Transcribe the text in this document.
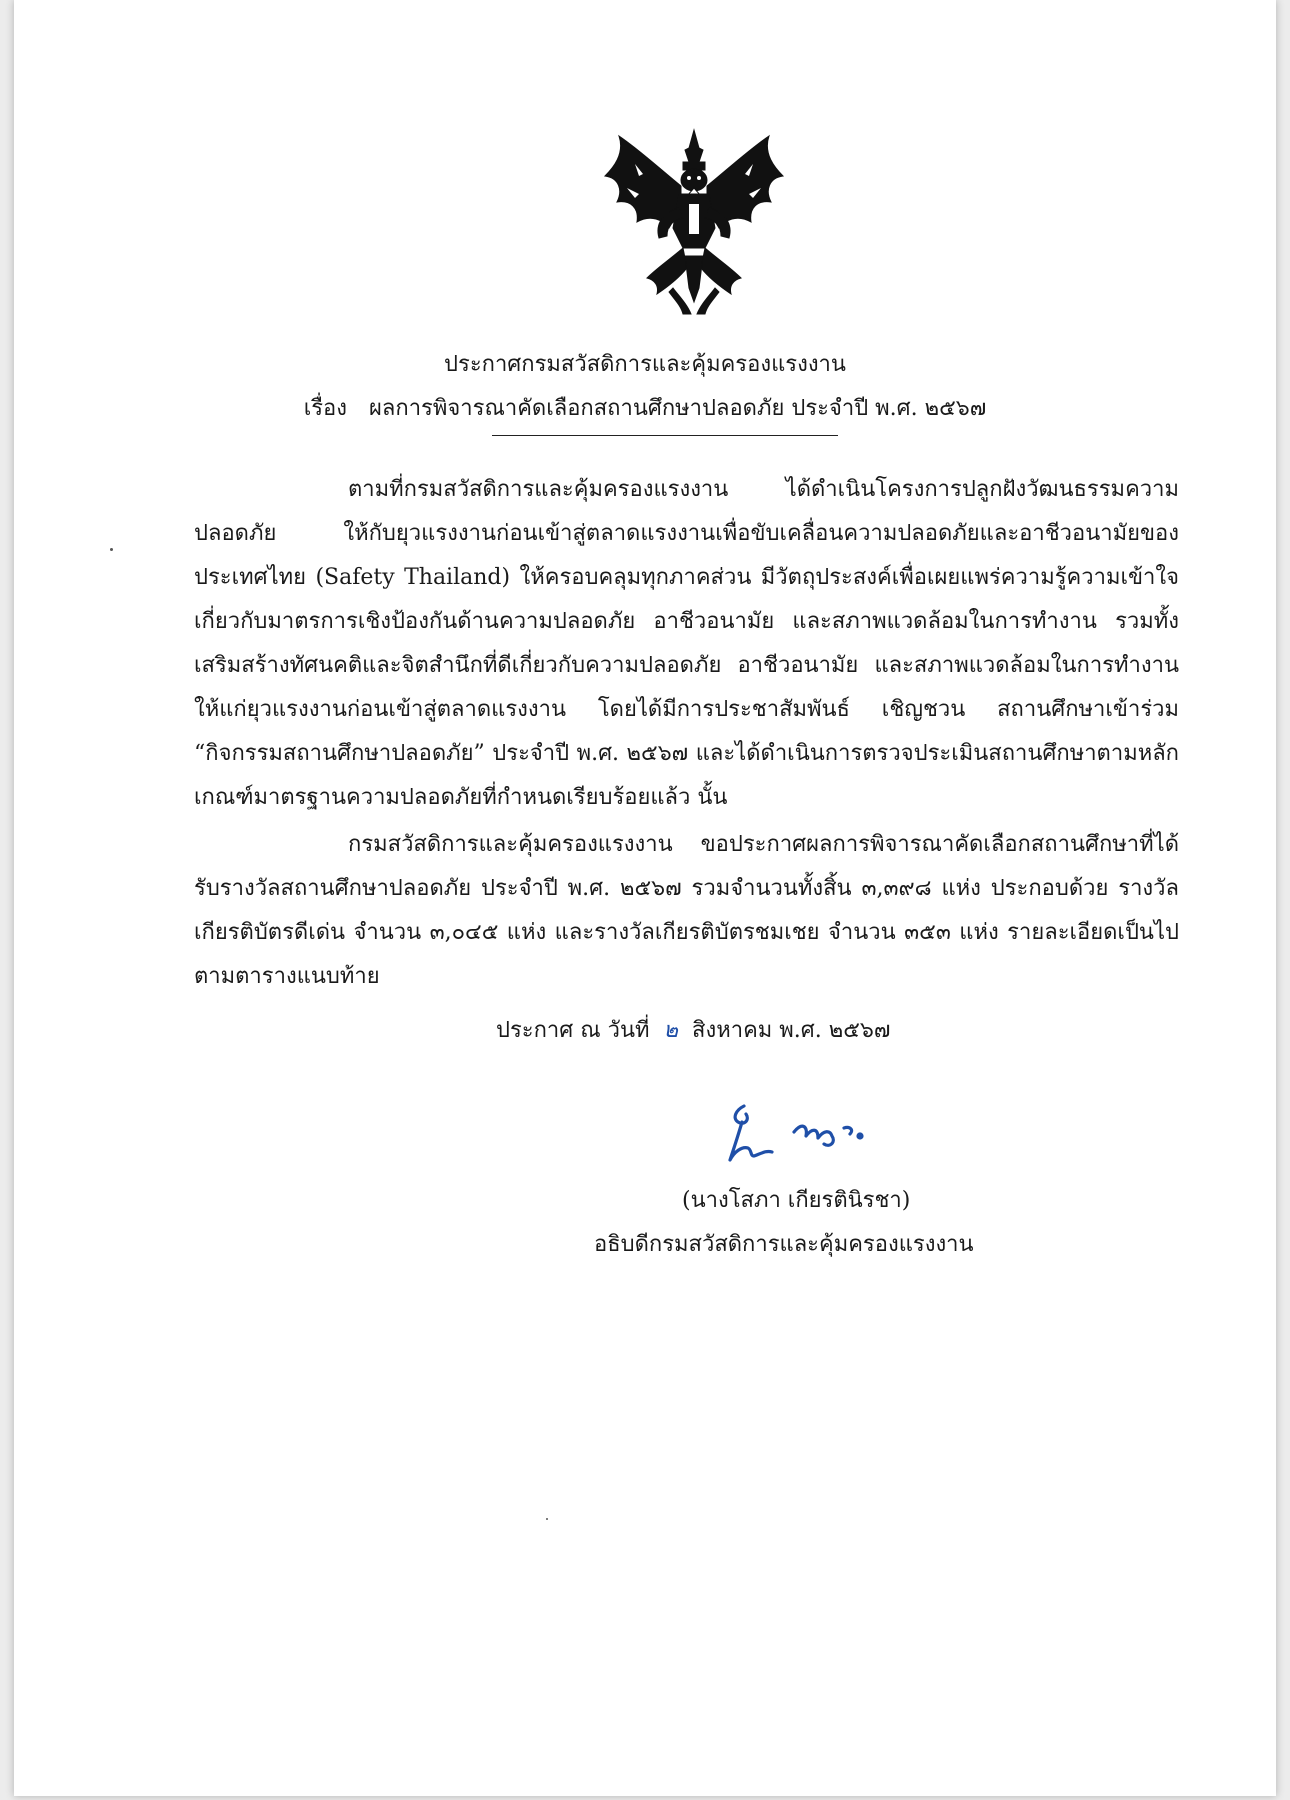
ประกาศกรมสวัสดิการและคุ้มครองแรงงาน
เรื่อง ผลการพิจารณาคัดเลือกสถานศึกษาปลอดภัย ประจำปี พ.ศ. ๒๕๖๗

ตามที่กรมสวัสดิการและคุ้มครองแรงงาน ได้ดำเนินโครงการปลูกฝังวัฒนธรรมความปลอดภัย ให้กับยุวแรงงานก่อนเข้าสู่ตลาดแรงงานเพื่อขับเคลื่อนความปลอดภัยและอาชีวอนามัยของประเทศไทย (Safety Thailand) ให้ครอบคลุมทุกภาคส่วน มีวัตถุประสงค์เพื่อเผยแพร่ความรู้ความเข้าใจเกี่ยวกับมาตรการเชิงป้องกันด้านความปลอดภัย อาชีวอนามัย และสภาพแวดล้อมในการทำงาน รวมทั้งเสริมสร้างทัศนคติและจิตสำนึกที่ดีเกี่ยวกับความปลอดภัย อาชีวอนามัย และสภาพแวดล้อมในการทำงาน ให้แก่ยุวแรงงานก่อนเข้าสู่ตลาดแรงงาน โดยได้มีการประชาสัมพันธ์ เชิญชวน สถานศึกษาเข้าร่วม “กิจกรรมสถานศึกษาปลอดภัย” ประจำปี พ.ศ. ๒๕๖๗ และได้ดำเนินการตรวจประเมินสถานศึกษาตามหลักเกณฑ์มาตรฐานความปลอดภัยที่กำหนดเรียบร้อยแล้ว นั้น

กรมสวัสดิการและคุ้มครองแรงงาน ขอประกาศผลการพิจารณาคัดเลือกสถานศึกษาที่ได้รับรางวัลสถานศึกษาปลอดภัย ประจำปี พ.ศ. ๒๕๖๗ รวมจำนวนทั้งสิ้น ๓,๓๙๘ แห่ง ประกอบด้วย รางวัลเกียรติบัตรดีเด่น จำนวน ๓,๐๔๕ แห่ง และรางวัลเกียรติบัตรชมเชย จำนวน ๓๕๓ แห่ง รายละเอียดเป็นไปตามตารางแนบท้าย

ประกาศ ณ วันที่ ๒ สิงหาคม พ.ศ. ๒๕๖๗
(นางโสภา เกียรตินิรชา)
อธิบดีกรมสวัสดิการและคุ้มครองแรงงาน
